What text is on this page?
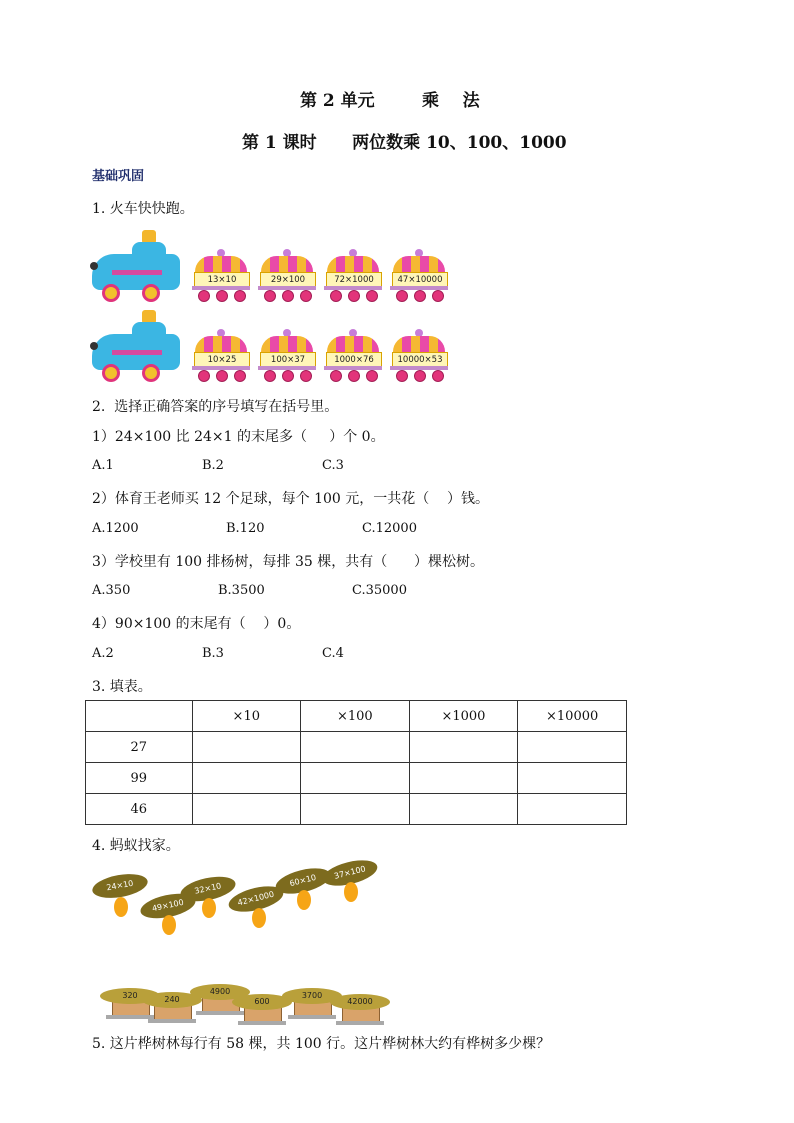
第 2 单元        乘    法
第 1 课时      两位数乘 10、100、1000
基础巩固
1. 火车快快跑。
13×10	29×100	72×1000	47×10000
10×25	100×37	1000×76	10000×53
2.  选择正确答案的序号填写在括号里。
1）24×100 比 24×1 的末尾多（     ）个 0。
A.1	B.2	C.3
2）体育王老师买 12 个足球，每个 100 元，一共花（    ）钱。
A.1200	B.120	C.12000
3）学校里有 100 排杨树，每排 35 棵，共有（      ）棵松树。
A.350	B.3500	C.35000
4）90×100 的末尾有（    ）0。
A.2	B.3	C.4
3. 填表。
	×10	×100	×1000	×10000
27				
99				
46				
4. 蚂蚁找家。
24×10
49×100
32×10
42×1000
60×10	37×100
320	240
4900
600
3700
42000
5. 这片桦树林每行有 58 棵，共 100 行。这片桦树林大约有桦树多少棵？
